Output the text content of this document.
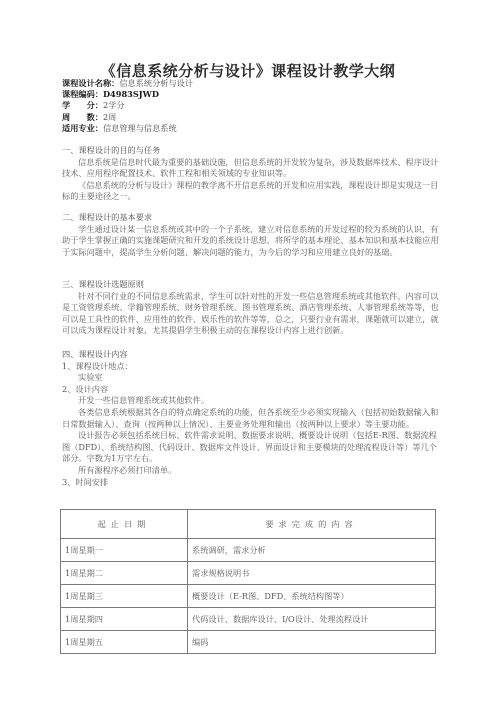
《信息系统分析与设计》课程设计教学大纲
课程设计名称：信息系统分析与设计
课程编码：D4983SJWD
学　　分：2学分
周　　数：2周
适用专业：信息管理与信息系统

一、课程设计的目的与任务

信息系统是信息时代最为重要的基础设施，但信息系统的开发较为复杂，涉及数据库技术、程序设计技术、应用程序配置技术、软件工程和相关领域的专业知识等。

《信息系统的分析与设计》课程的教学离不开信息系统的开发和应用实践，课程设计即是实现这一目标的主要途径之一。

二、课程设计的基本要求

学生通过设计某一信息系统或其中的一个子系统，建立对信息系统的开发过程的较为系统的认识，有助于学生掌握正确的实施课题研究和开发的系统设计思想，将所学的基本理论、基本知识和基本技能应用于实际问题中，提高学生分析问题、解决问题的能力，为今后的学习和应用建立良好的基础。

三、课程设计选题原则

针对不同行业的不同信息系统需求，学生可以针对性的开发一些信息管理系统或其他软件。内容可以是工资管理系统、学籍管理系统、财务管理系统、图书管理系统、酒店管理系统、人事管理系统等等，也可以是工具性的软件、应用性的软件、娱乐性的软件等等，总之，只要行业有需求，课题就可以建立，就可以成为课程设计对象，尤其提倡学生积极主动的在课程设计内容上进行创新。

四、课程设计内容

1、课程设计地点：

实验室

2、设计内容

开发一些信息管理系统或其他软件。

各类信息系统根据其各自的特点确定系统的功能，但各系统至少必须实现输入（包括初始数据输入和日常数据输入）、查询（按两种以上情况）、主要业务处理和输出（按两种以上要求）等主要功能。

设计报告必须包括系统目标、软件需求说明、数据要求说明、概要设计说明（包括E-R图、数据流程图（DFD）、系统结构图、代码设计、数据库文件设计、界面设计和主要模块的处理流程设计等）等几个部分。字数为1万字左右。

所有源程序必须打印清单。

3、时间安排

起止日期	要求完成的内容
1周星期一	系统调研，需求分析
1周星期二	需求规格说明书
1周星期三	概要设计（E-R图、DFD、系统结构图等）
1周星期四	代码设计、数据库设计、I/O设计、处理流程设计
1周星期五	编码
